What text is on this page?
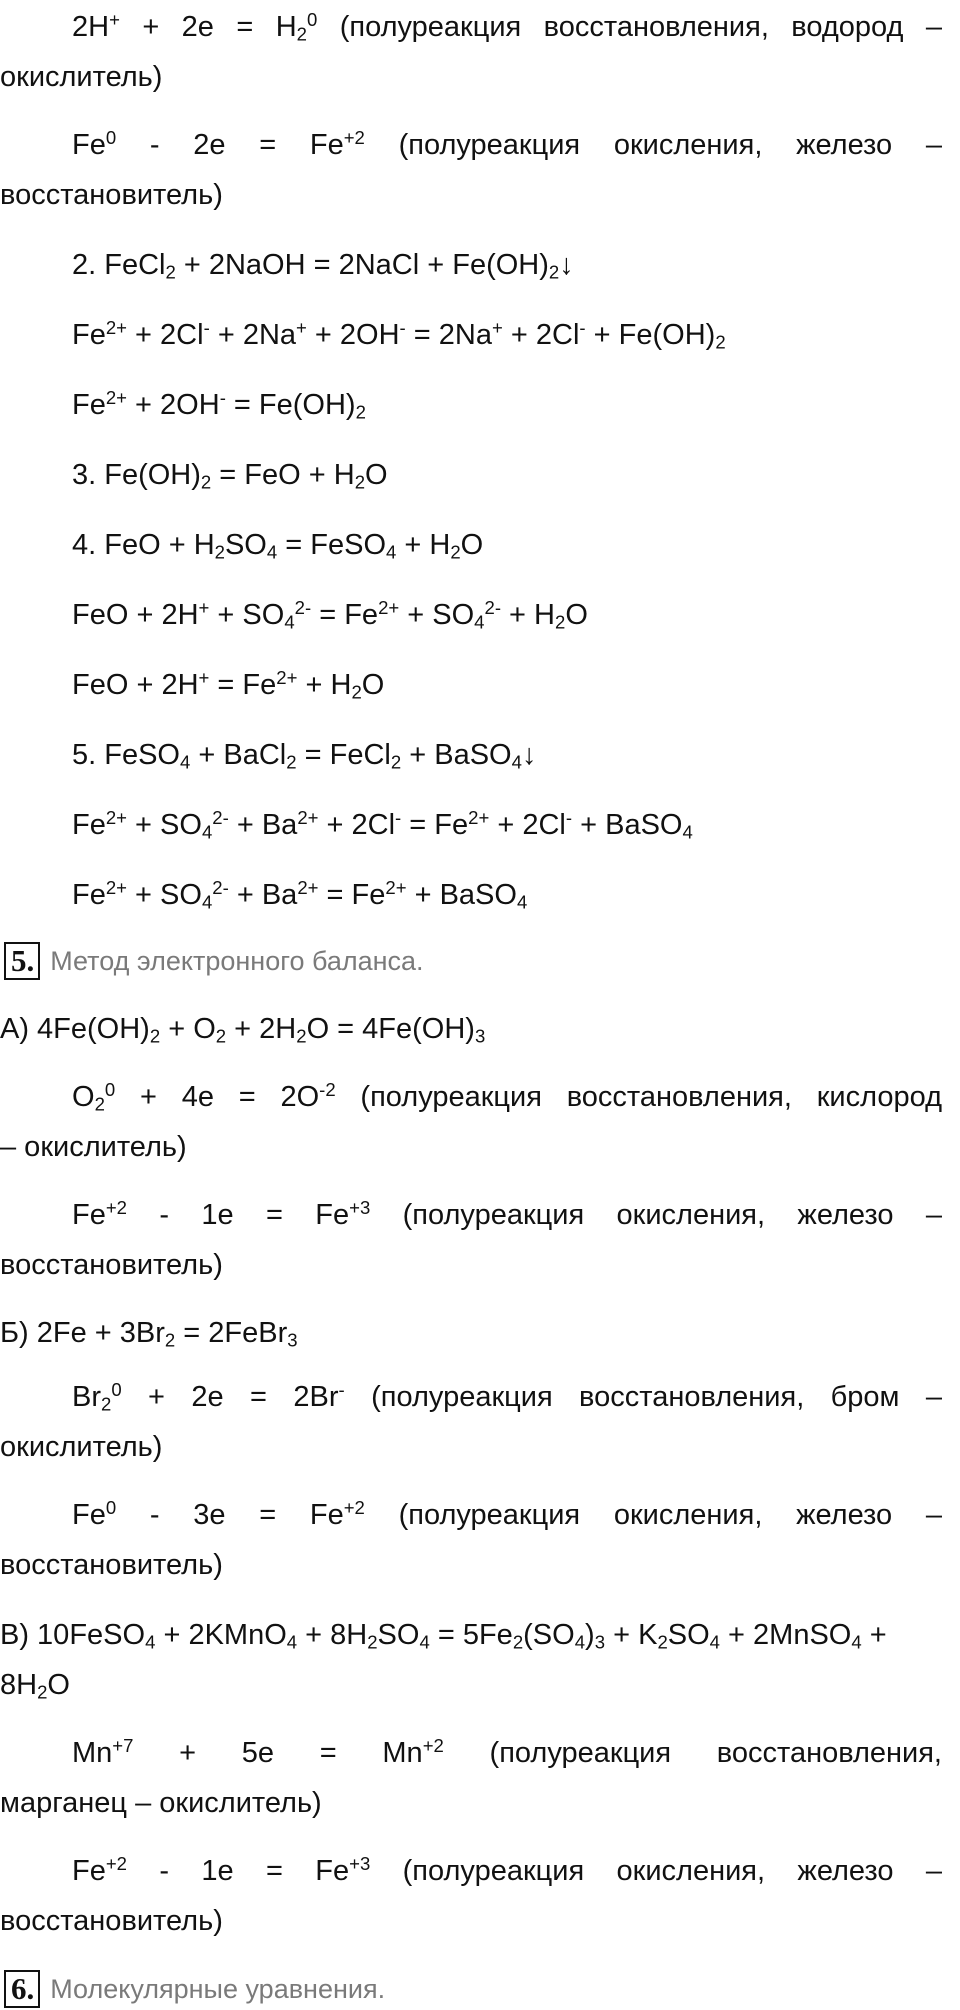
$2H^+ + 2e = H_2^0$ (полуреакция восстановления, водород –
окислитель)
$Fe^0 - 2e = Fe^{+2}$ (полуреакция окисления, железо –
восстановитель)
2. FeCl$_2$ + 2NaOH = 2NaCl + $Fe(OH)_2↓$
$Fe^{2+} + 2Cl^- + 2Na^+ + 2OH^- = 2Na^+ + 2Cl^- + Fe(OH)_2$
$Fe^{2+} + 2OH^- = Fe(OH)_2$
3. $Fe(OH)_2$ = FeO + $H_2O$
4. FeO + $H_2SO_4$ = FeSO$_4$ + $H_2O$
FeO + $2H^+ + SO_4^{2-} = Fe^{2+} + SO_4^{2-} + H_2O$
FeO + $2H^+ = Fe^{2+} + H_2O$
5. FeSO$_4$ + BaCl$_2$ = FeCl$_2$ + BaSO$_4$↓
$Fe^{2+} + SO_4^{2-} + Ba^{2+} + 2Cl^- = Fe^{2+} + 2Cl^-$ + BaSO$_4$
$Fe^{2+} + SO_4^{2-} + Ba^{2+} = Fe^{2+}$ + BaSO$_4$
5. Метод электронного баланса.
А) $4Fe(OH)_2 + O_2 + 2H_2O = 4Fe(OH)_3$
$O_2^0 + 4e = 2O^{-2}$ (полуреакция восстановления, кислород
– окислитель)
$Fe^{+2} - 1e = Fe^{+3}$ (полуреакция окисления, железо –
восстановитель)
Б) $2Fe + 3Br_2$ = 2FeBr$_3$
$Br_2^0 + 2e = 2Br^-$ (полуреакция восстановления, бром –
окислитель)
$Fe^0 - 3e = Fe^{+2}$ (полуреакция окисления, железо –
восстановитель)
В) 10FeSO$_4$ + 2KMnO$_4$ + $8H_2SO_4 = 5Fe_2(SO_4)_3 + K_2SO_4$ + 2MnSO$_4$ +
$8H_2O$
$Mn^{+7} + 5e = Mn^{+2}$ (полуреакция восстановления,
марганец – окислитель)
$Fe^{+2} - 1e = Fe^{+3}$ (полуреакция окисления, железо –
восстановитель)
6. Молекулярные уравнения.
